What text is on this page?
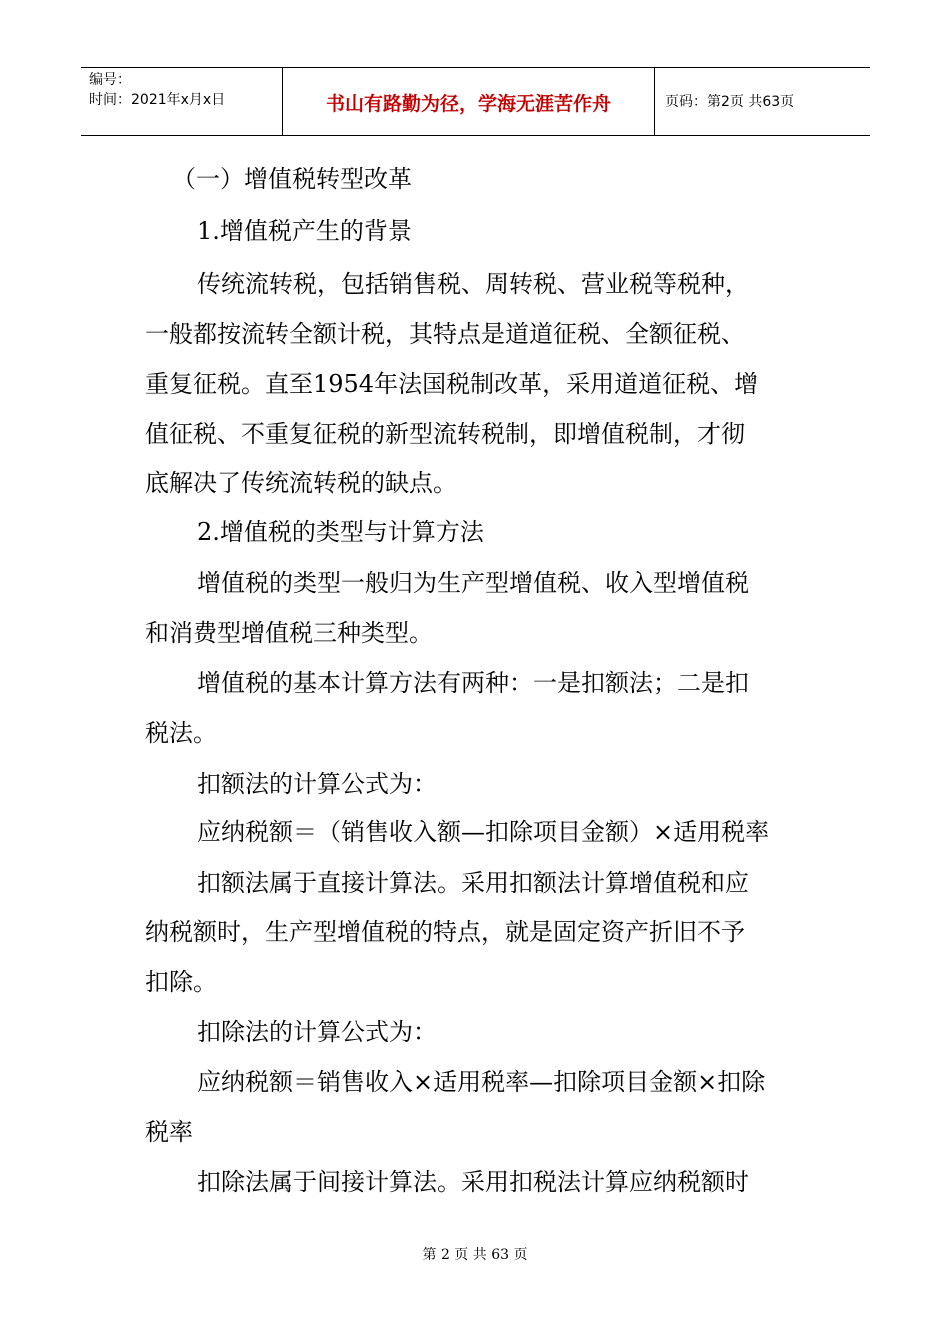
编号：
时间：2021年x月x日	书山有路勤为径，学海无涯苦作舟	页码：第2页 共63页
（一）增值税转型改革
1.增值税产生的背景
传统流转税，包括销售税、周转税、营业税等税种，
一般都按流转全额计税，其特点是道道征税、全额征税、
重复征税。直至1954年法国税制改革，采用道道征税、增
值征税、不重复征税的新型流转税制，即增值税制，才彻
底解决了传统流转税的缺点。
2.增值税的类型与计算方法
增值税的类型一般归为生产型增值税、收入型增值税
和消费型增值税三种类型。
增值税的基本计算方法有两种：一是扣额法；二是扣
税法。
扣额法的计算公式为：
应纳税额＝（销售收入额—扣除项目金额）×适用税率
扣额法属于直接计算法。采用扣额法计算增值税和应
纳税额时，生产型增值税的特点，就是固定资产折旧不予
扣除。
扣除法的计算公式为：
应纳税额＝销售收入×适用税率—扣除项目金额×扣除
税率
扣除法属于间接计算法。采用扣税法计算应纳税额时
第 2 页 共 63 页
